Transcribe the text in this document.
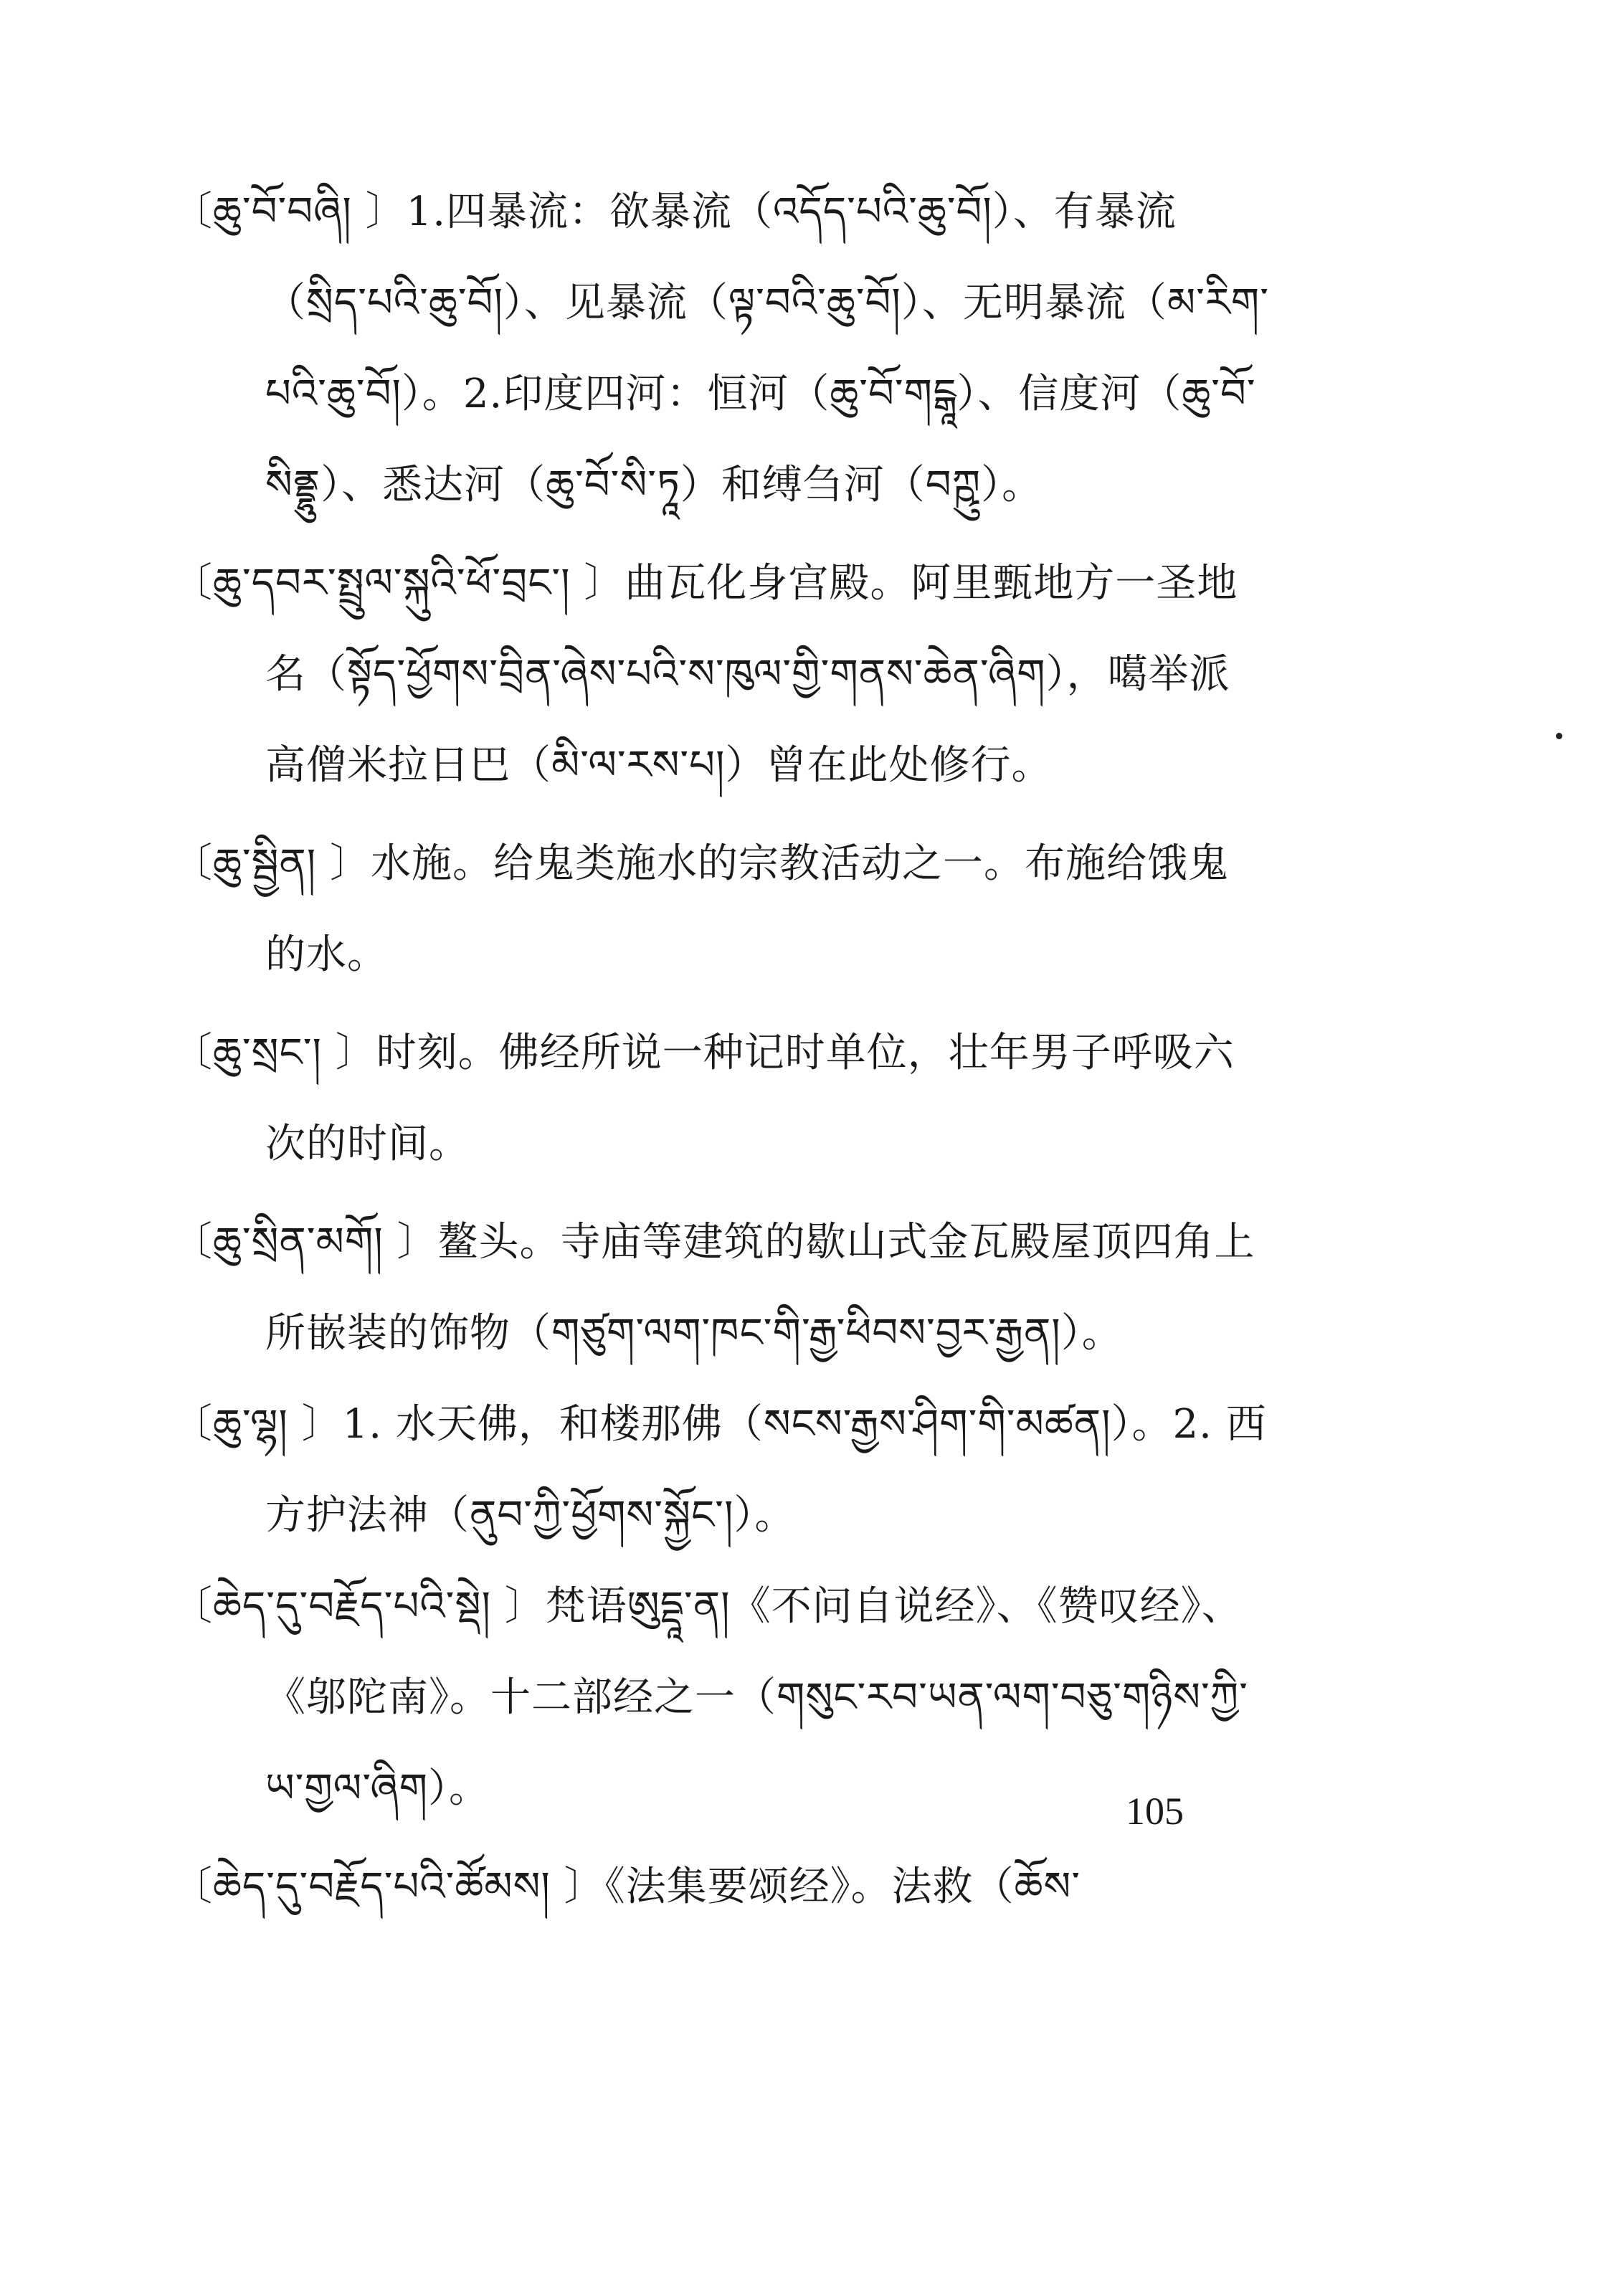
〔ཆུ་བོ་བཞི། 〕1.四暴流：欲暴流（འདོད་པའི་ཆུ་བོ།）、有暴流（སྲིད་པའི་ཆུ་བོ།）、见暴流（ལྟ་བའི་ཆུ་བོ།）、无明暴流（མ་རིག་པའི་ཆུ་བོ།）。2.印度四河：恒河（ཆུ་བོ་གངྒཱ）、信度河（ཆུ་བོ་སིནྡྷུ）、悉达河（ཆུ་བོ་སི་ཏཱ）和缚刍河（བཀྵུ）。

〔ཆུ་དབར་སྤྲུལ་སྐུའི་ཕོ་བྲང་། 〕曲瓦化身宫殿。阿里甄地方一圣地名（སྟོད་ཕྱོགས་བྲིན་ཞེས་པའི་ས་ཁུལ་གྱི་གནས་ཆེན་ཞིག），噶举派高僧米拉日巴（མི་ལ་རས་པ།）曾在此处修行。

〔ཆུ་སྦྱིན། 〕水施。给鬼类施水的宗教活动之一。布施给饿鬼的水。

〔ཆུ་སྲང་། 〕时刻。佛经所说一种记时单位，壮年男子呼吸六次的时间。

〔ཆུ་སྲིན་མགོ། 〕鳌头。寺庙等建筑的歇山式金瓦殿屋顶四角上所嵌装的饰物（གཙུག་ལག་ཁང་གི་རྒྱ་ཕིབས་བྱར་རྒྱན།）。

〔ཆུ་ལྷ། 〕1. 水天佛，和楼那佛（སངས་རྒྱས་ཤིག་གི་མཚན།）。2. 西方护法神（ནུབ་ཀྱི་ཕྱོགས་སྐྱོང་།）。

〔ཆེད་དུ་བརྗོད་པའི་སྡེ། 〕梵语ཨུདྡཱ་ན།《不问自说经》、《赞叹经》、《邬陀南》。十二部经之一（གསུང་རབ་ཡན་ལག་བཅུ་གཉིས་ཀྱི་ཡ་གྱལ་ཞིག）。

〔ཆེད་དུ་བརྗོད་པའི་ཚོམས། 〕《法集要颂经》。法救（ཆོས་

105
